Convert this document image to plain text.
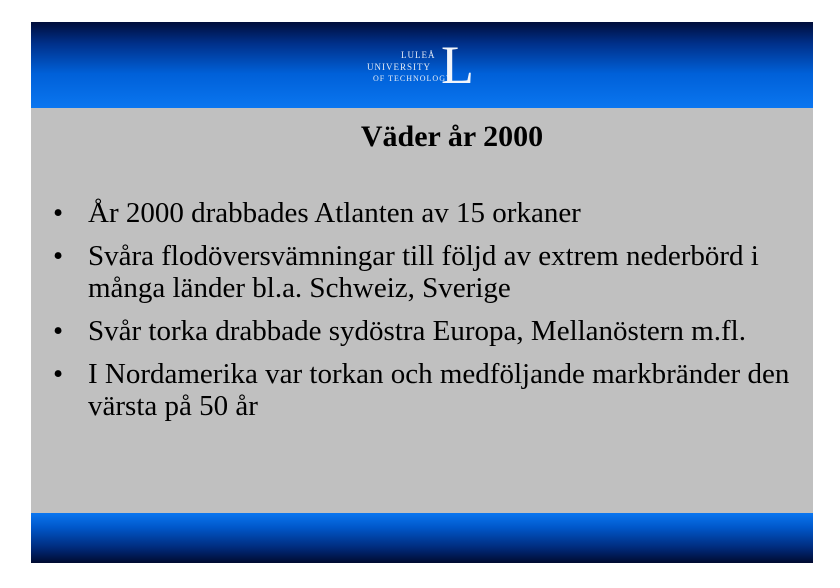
LULEÅ
UNIVERSITY
OF TECHNOLOGY
L
Väder år 2000
• År 2000 drabbades Atlanten av 15 orkaner
• Svåra flodöversvämningar till följd av extrem nederbörd i många länder bl.a. Schweiz, Sverige
• Svår torka drabbade sydöstra Europa, Mellanöstern m.fl.
• I Nordamerika var torkan och medföljande markbränder den värsta på 50 år
